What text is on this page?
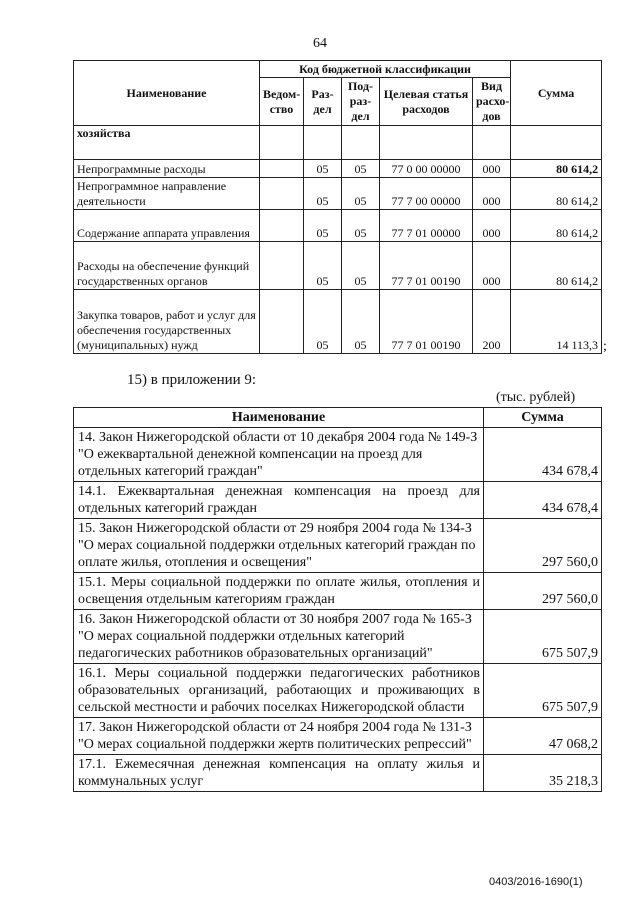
64
Наименование	Код бюджетной классификации					Сумма
	Ведом-ство	Раз-дел	Под-раз-дел	Целевая статья расходов	Вид расхо-дов	
хозяйства						
Непрограммные расходы		05	05	77 0 00 00000	000	80 614,2
Непрограммное направление деятельности		05	05	77 7 00 00000	000	80 614,2
Содержание аппарата управления		05	05	77 7 01 00000	000	80 614,2
Расходы на обеспечение функций государственных органов		05	05	77 7 01 00190	000	80 614,2
Закупка товаров, работ и услуг для обеспечения государственных (муниципальных) нужд		05	05	77 7 01 00190	200	14 113,3 ;
15) в приложении 9:
(тыс. рублей)
Наименование	Сумма
14. Закон Нижегородской области от 10 декабря 2004 года № 149-З "О ежеквартальной денежной компенсации на проезд для отдельных категорий граждан"	434 678,4
14.1. Ежеквартальная денежная компенсация на проезд для отдельных категорий граждан	434 678,4
15. Закон Нижегородской области от 29 ноября 2004 года № 134-З "О мерах социальной поддержки отдельных категорий граждан по оплате жилья, отопления и освещения"	297 560,0
15.1. Меры социальной поддержки по оплате жилья, отопления и освещения отдельным категориям граждан	297 560,0
16. Закон Нижегородской области от 30 ноября 2007 года № 165-З "О мерах социальной поддержки отдельных категорий педагогических работников образовательных организаций"	675 507,9
16.1. Меры социальной поддержки педагогических работников образовательных организаций, работающих и проживающих в сельской местности и рабочих поселках Нижегородской области	675 507,9
17. Закон Нижегородской области от 24 ноября 2004 года № 131-З "О мерах социальной поддержки жертв политических репрессий"	47 068,2
17.1. Ежемесячная денежная компенсация на оплату жилья и коммунальных услуг	35 218,3
0403/2016-1690(1)
